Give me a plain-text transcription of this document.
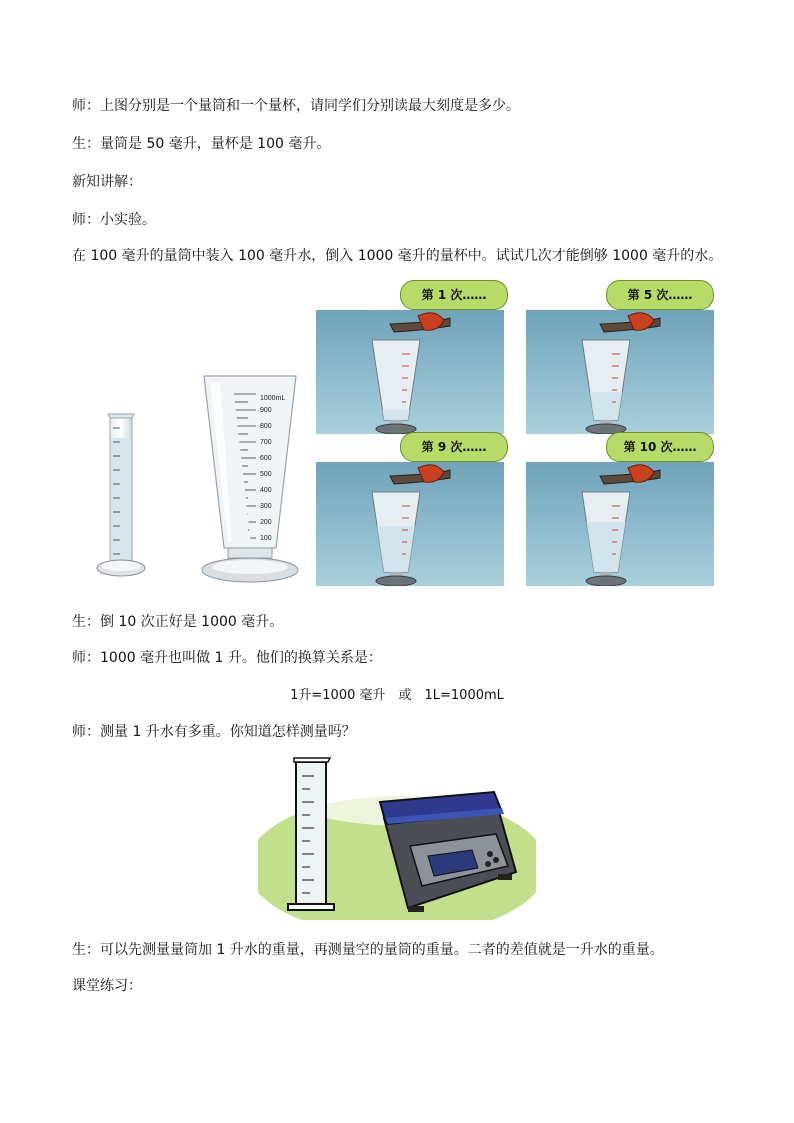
师：上图分别是一个量筒和一个量杯，请同学们分别读最大刻度是多少。

生：量筒是 50 毫升，量杯是 100 毫升。

新知讲解：

师：小实验。

在 100 毫升的量筒中装入 100 毫升水，倒入 1000 毫升的量杯中。试试几次才能倒够 1000 毫升的水。

1000mL
900
800
700
600
500
400
300
200
100
第 1 次……	第 5 次……
第 9 次……	第 10 次……

生：倒 10 次正好是 1000 毫升。

师：1000 毫升也叫做 1 升。他们的换算关系是：

1升=1000 毫升　或　1L=1000mL

师：测量 1 升水有多重。你知道怎样测量吗？

生：可以先测量量筒加 1 升水的重量，再测量空的量筒的重量。二者的差值就是一升水的重量。

课堂练习：
